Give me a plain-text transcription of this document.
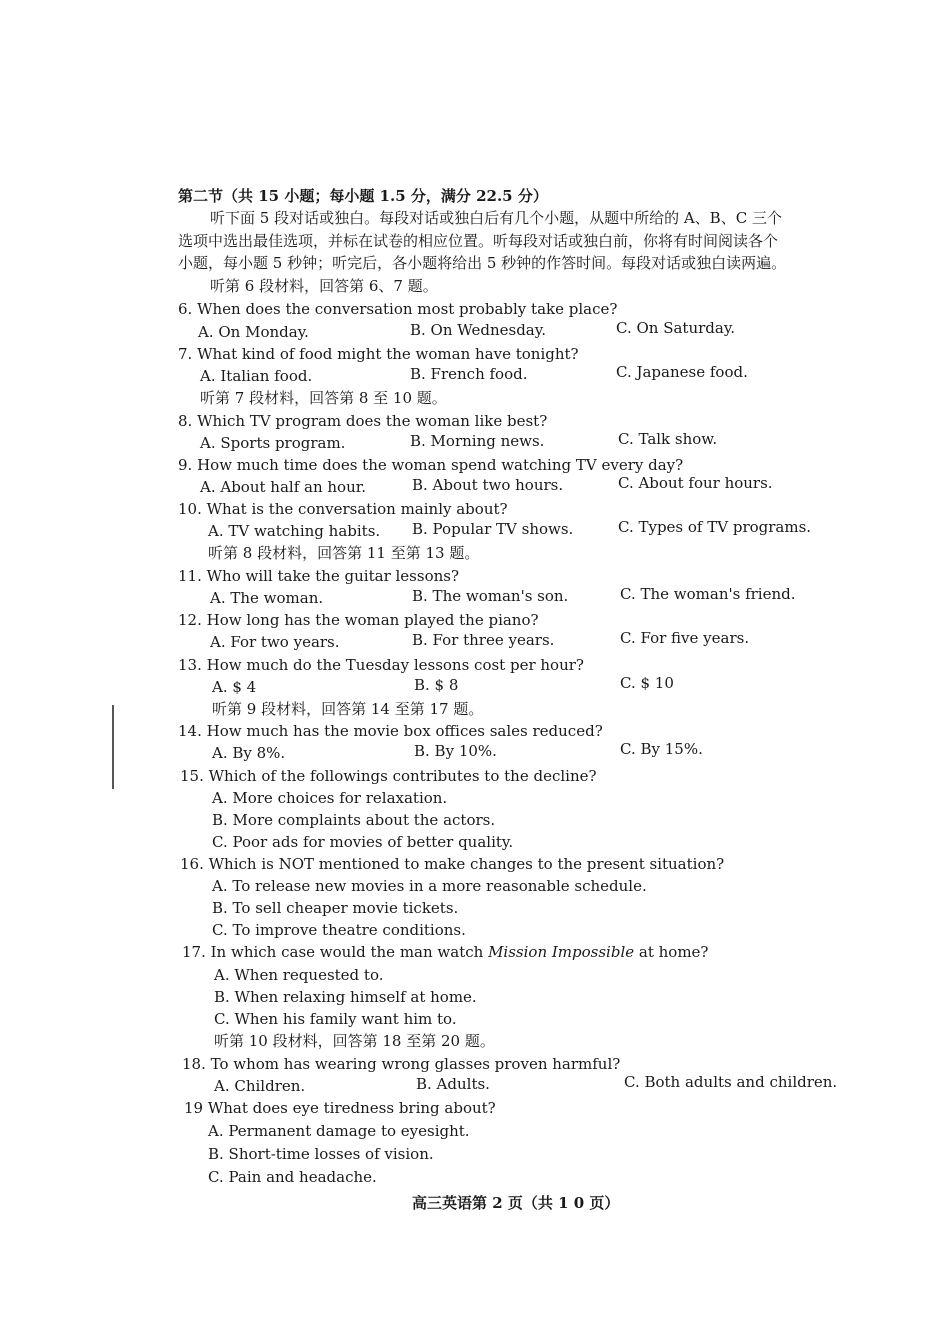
第二节（共 15 小题；每小题 1.5 分，满分 22.5 分）
听下面 5 段对话或独白。每段对话或独白后有几个小题，从题中所给的 A、B、C 三个
选项中选出最佳选项，并标在试卷的相应位置。听每段对话或独白前，你将有时间阅读各个
小题，每小题 5 秒钟；听完后，各小题将给出 5 秒钟的作答时间。每段对话或独白读两遍。
听第 6 段材料，回答第 6、7 题。
6. When does the conversation most probably take place?
A. On Monday.	B. On Wednesday.	C. On Saturday.
7. What kind of food might the woman have tonight?
A. Italian food.	B. French food.	C. Japanese food.
听第 7 段材料，回答第 8 至 10 题。
8. Which TV program does the woman like best?
A. Sports program.	B. Morning news.	C. Talk show.
9. How much time does the woman spend watching TV every day?
A. About half an hour.	B. About two hours.	C. About four hours.
10. What is the conversation mainly about?
A. TV watching habits. B. Popular TV shows.	C. Types of TV programs.
听第 8 段材料，回答第 11 至第 13 题。
11. Who will take the guitar lessons?
A. The woman.	B. The woman's son.	C. The woman's friend.
12. How long has the woman played the piano?
A. For two years.	B. For three years.	C. For five years.
13. How much do the Tuesday lessons cost per hour?
A. $ 4	B. $ 8	C. $ 10
听第 9 段材料，回答第 14 至第 17 题。
14. How much has the movie box offices sales reduced?
A. By 8%.	B. By 10%.	C. By 15%.
15. Which of the followings contributes to the decline?
A. More choices for relaxation.
B. More complaints about the actors.
C. Poor ads for movies of better quality.
16. Which is NOT mentioned to make changes to the present situation?
A. To release new movies in a more reasonable schedule.
B. To sell cheaper movie tickets.
C. To improve theatre conditions.
17. In which case would the man watch Mission Impossible at home?
A. When requested to.
B. When relaxing himself at home.
C. When his family want him to.
听第 10 段材料，回答第 18 至第 20 题。
18. To whom has wearing wrong glasses proven harmful?
A. Children.	B. Adults.	C. Both adults and children.
19 What does eye tiredness bring about?
A. Permanent damage to eyesight.
B. Short-time losses of vision.
C. Pain and headache.
高三英语第 2 页（共 1 0 页）
